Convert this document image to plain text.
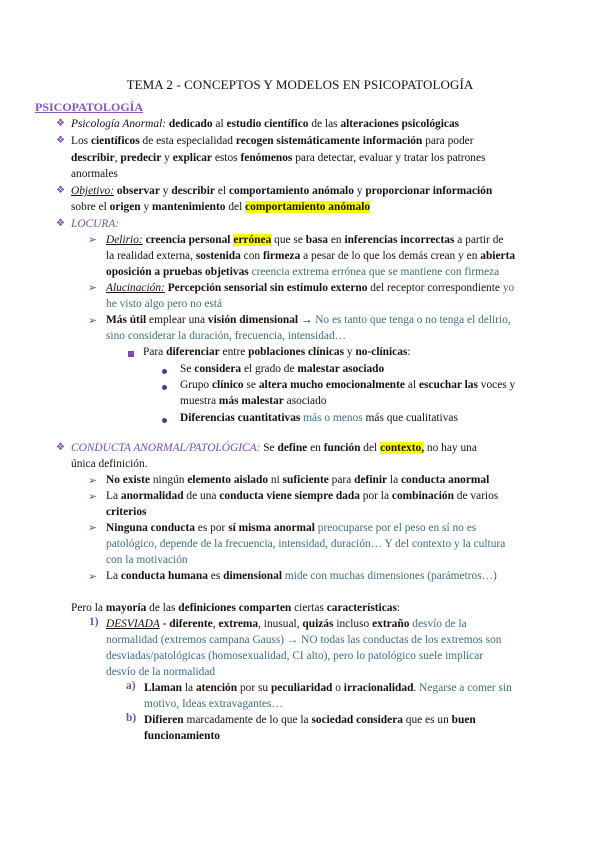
TEMA 2 - CONCEPTOS Y MODELOS EN PSICOPATOLOGÍA
PSICOPATOLOGÍA
❖ Psicología Anormal: dedicado al estudio científico de las alteraciones psicológicas
❖ Los científicos de esta especialidad recogen sistemáticamente información para poder
describir, predecir y explicar estos fenómenos para detectar, evaluar y tratar los patrones
anormales
❖ Objetivo: observar y describir el comportamiento anómalo y proporcionar información
sobre el origen y mantenimiento del comportamiento anómalo
❖ LOCURA:
➢ Delirio: creencia personal errónea que se basa en inferencias incorrectas a partir de
la realidad externa, sostenida con firmeza a pesar de lo que los demás crean y en abierta
oposición a pruebas objetivas creencia extrema errónea que se mantiene con firmeza
➢ Alucinación: Percepción sensorial sin estímulo externo del receptor correspondiente yo
he visto algo pero no está
➢ Más útil emplear una visión dimensional → No es tanto que tenga o no tenga el delirio,
sino considerar la duración, frecuencia, intensidad…
Para diferenciar entre poblaciones clínicas y no-clínicas:
Se considera el grado de malestar asociado
Grupo clínico se altera mucho emocionalmente al escuchar las voces y
muestra más malestar asociado
Diferencias cuantitativas más o menos más que cualitativas
❖ CONDUCTA ANORMAL/PATOLÓGICA: Se define en función del contexto, no hay una
única definición.
➢ No existe ningún elemento aislado ni suficiente para definir la conducta anormal
➢ La anormalidad de una conducta viene siempre dada por la combinación de varios
criterios
➢ Ninguna conducta es por sí misma anormal preocuparse por el peso en sí no es
patológico, depende de la frecuencia, intensidad, duración… Y del contexto y la cultura
con la motivación
➢ La conducta humana es dimensional mide con muchas dimensiones (parámetros…)
Pero la mayoría de las definiciones comparten ciertas características:
1) DESVIADA - diferente, extrema, inusual, quizás incluso extraño desvío de la
normalidad (extremos campana Gauss) → NO todas las conductas de los extremos son
desviadas/patológicas (homosexualidad, CI alto), pero lo patológico suele implicar
desvío de la normalidad
a) Llaman la atención por su peculiaridad o irracionalidad. Negarse a comer sin
motivo, Ideas extravagantes…
b) Difieren marcadamente de lo que la sociedad considera que es un buen
funcionamiento
